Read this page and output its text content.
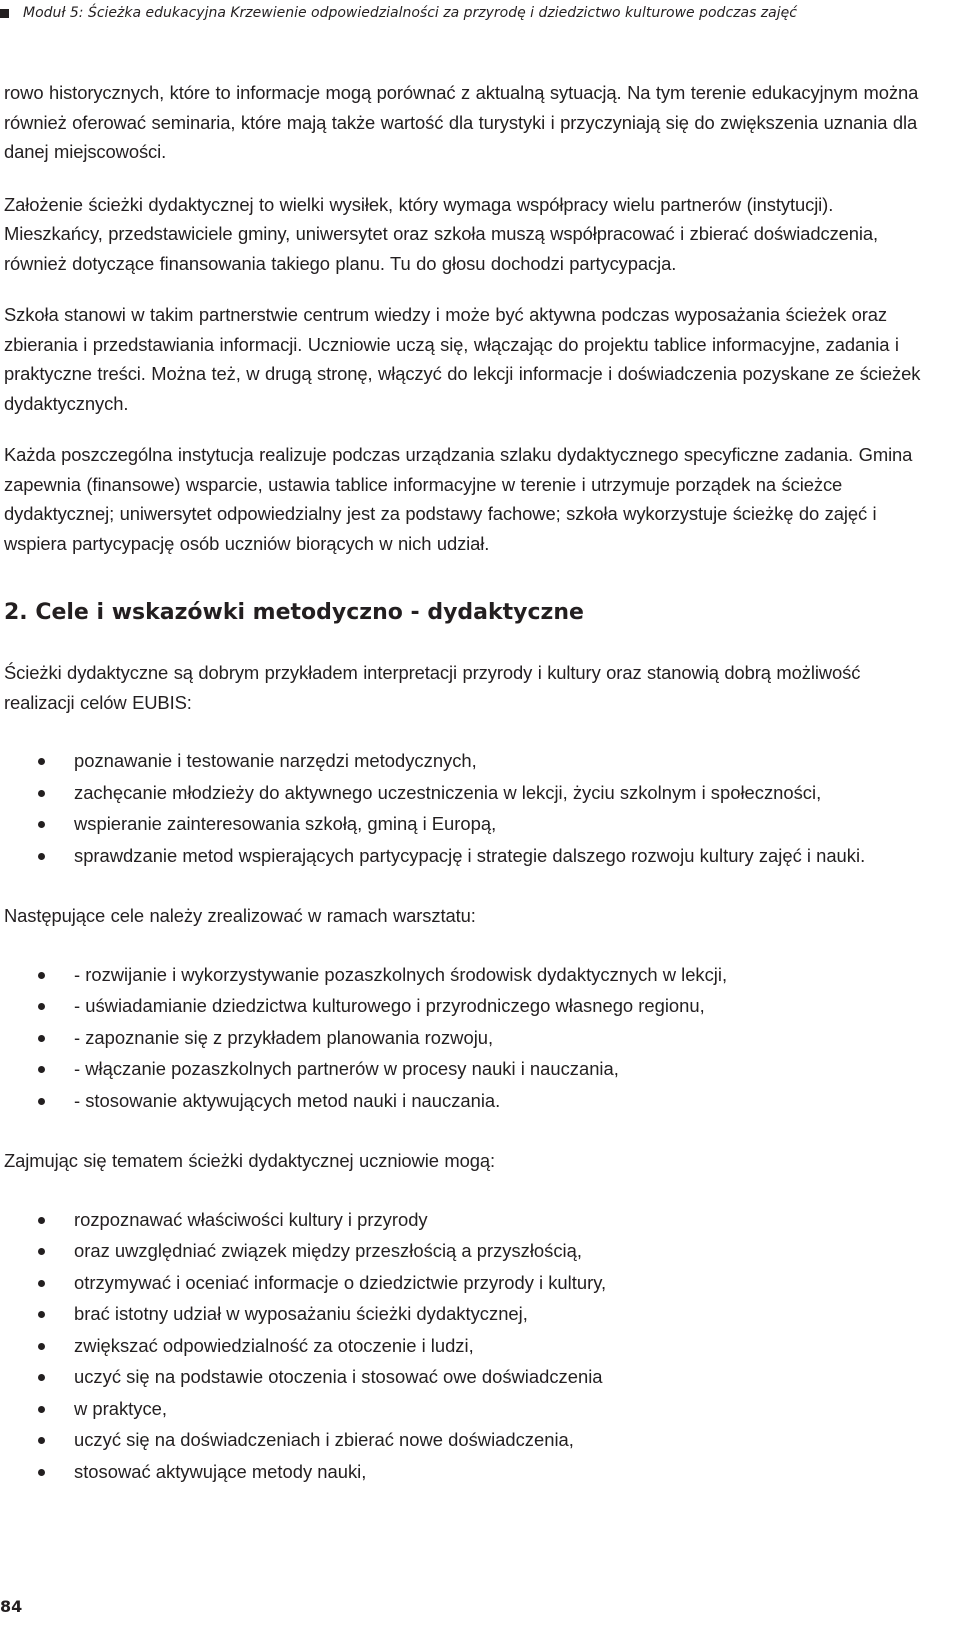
Moduł 5: Ścieżka edukacyjna Krzewienie odpowiedzialności za przyrodę i dziedzictwo kulturowe podczas zajęć

rowo historycznych, które to informacje mogą porównać z aktualną sytuacją. Na tym terenie edukacyjnym można również oferować seminaria, które mają także wartość dla turystyki i przyczyniają się do zwiększenia uznania dla danej miejscowości.

Założenie ścieżki dydaktycznej to wielki wysiłek, który wymaga współpracy wielu partnerów (instytucji). Mieszkańcy, przedstawiciele gminy, uniwersytet oraz szkoła muszą współpracować i zbierać doświadczenia, również dotyczące finansowania takiego planu. Tu do głosu dochodzi partycypacja.

Szkoła stanowi w takim partnerstwie centrum wiedzy i może być aktywna podczas wyposażania ścieżek oraz zbierania i przedstawiania informacji. Uczniowie uczą się, włączając do projektu tablice informacyjne, zadania i praktyczne treści. Można też, w drugą stronę, włączyć do lekcji informacje i doświadczenia pozyskane ze ścieżek dydaktycznych.

Każda poszczególna instytucja realizuje podczas urządzania szlaku dydaktycznego specyficzne zadania. Gmina zapewnia (finansowe) wsparcie, ustawia tablice informacyjne w terenie i utrzymuje porządek na ścieżce dydaktycznej; uniwersytet odpowiedzialny jest za podstawy fachowe; szkoła wykorzystuje ścieżkę do zajęć i wspiera partycypację osób uczniów biorących w nich udział.

2. Cele i wskazówki metodyczno - dydaktyczne

Ścieżki dydaktyczne są dobrym przykładem interpretacji przyrody i kultury oraz stanowią dobrą możliwość realizacji celów EUBIS:

poznawanie i testowanie narzędzi metodycznych,
zachęcanie młodzieży do aktywnego uczestniczenia w lekcji, życiu szkolnym i społeczności,
wspieranie zainteresowania szkołą, gminą i Europą,
sprawdzanie metod wspierających partycypację i strategie dalszego rozwoju kultury zajęć i nauki.

Następujące cele należy zrealizować w ramach warsztatu:

- rozwijanie i wykorzystywanie pozaszkolnych środowisk dydaktycznych w lekcji,
- uświadamianie dziedzictwa kulturowego i przyrodniczego własnego regionu,
- zapoznanie się z przykładem planowania rozwoju,
- włączanie pozaszkolnych partnerów w procesy nauki i nauczania,
- stosowanie aktywujących metod nauki i nauczania.

Zajmując się tematem ścieżki dydaktycznej uczniowie mogą:

rozpoznawać właściwości kultury i przyrody
oraz uwzględniać związek między przeszłością a przyszłością,
otrzymywać i oceniać informacje o dziedzictwie przyrody i kultury,
brać istotny udział w wyposażaniu ścieżki dydaktycznej,
zwiększać odpowiedzialność za otoczenie i ludzi,
uczyć się na podstawie otoczenia i stosować owe doświadczenia
w praktyce,
uczyć się na doświadczeniach i zbierać nowe doświadczenia,
stosować aktywujące metody nauki,
84
